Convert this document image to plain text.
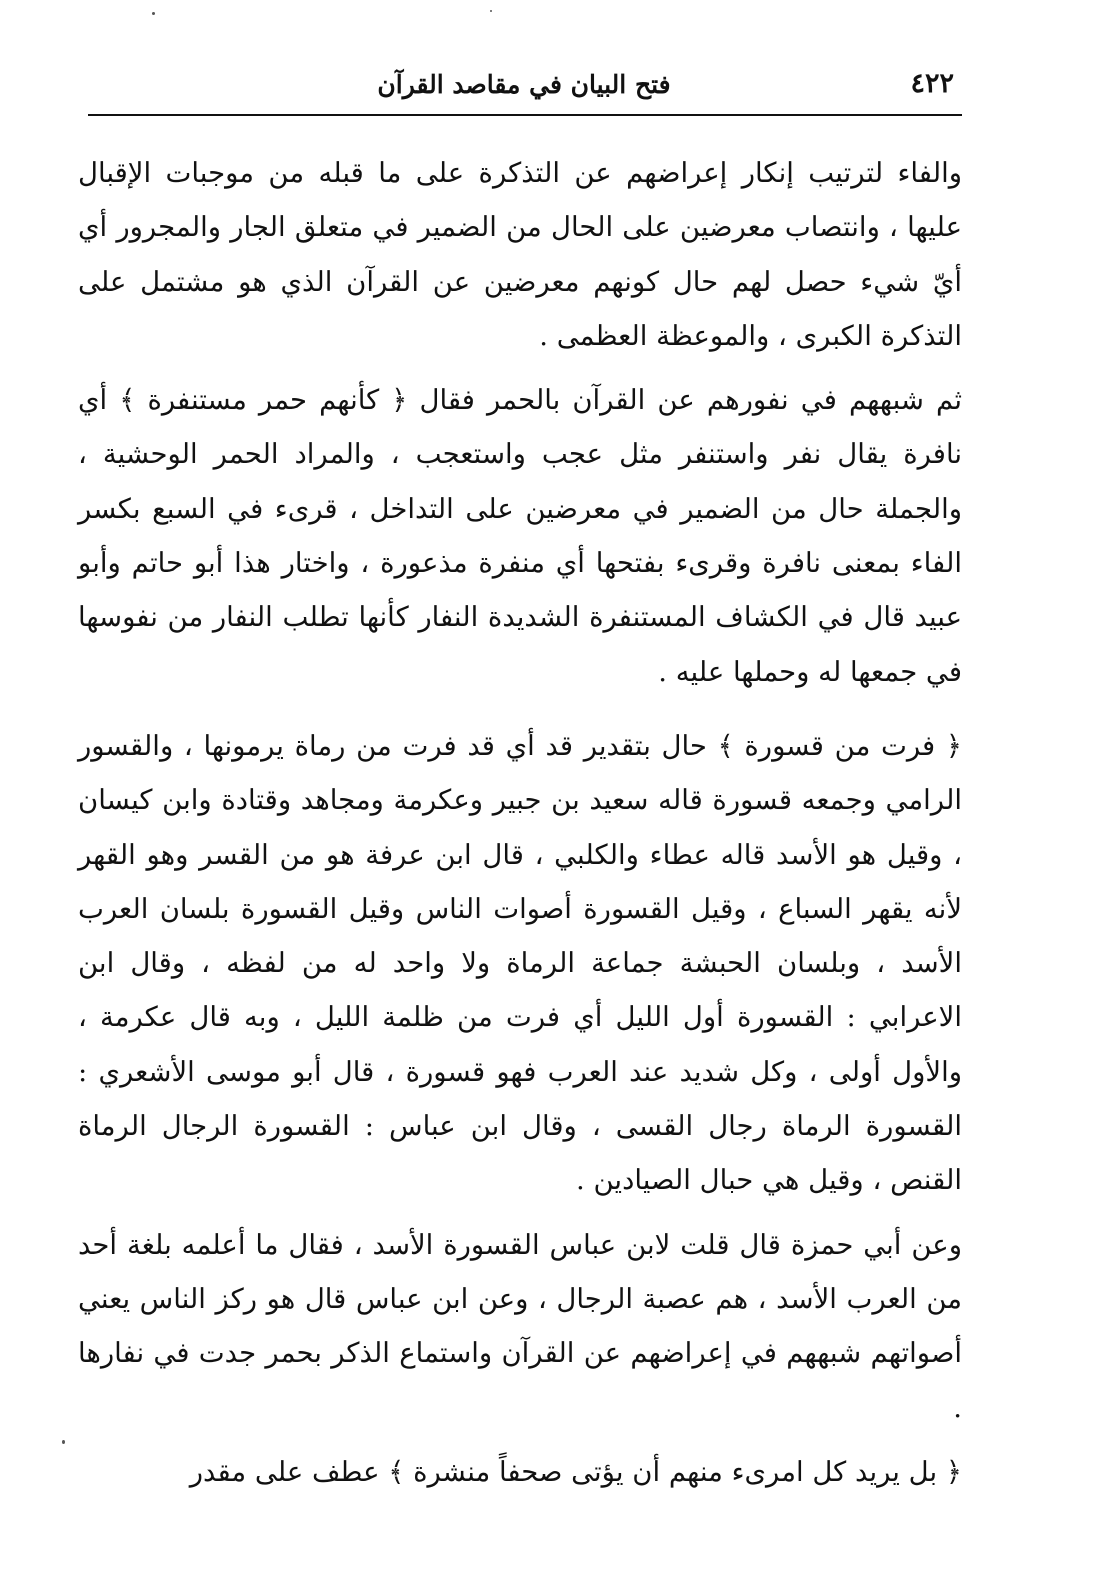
٤٢٢
فتح البيان في مقاصد القرآن

والفاء لترتيب إنكار إعراضهم عن التذكرة على ما قبله من موجبات الإقبال عليها ، وانتصاب معرضين على الحال من الضمير في متعلق الجار والمجرور أي أيّ شيء حصل لهم حال كونهم معرضين عن القرآن الذي هو مشتمل على التذكرة الكبرى ، والموعظة العظمى .

ثم شبههم في نفورهم عن القرآن بالحمر فقال ﴿ كأنهم حمر مستنفرة ﴾ أي نافرة يقال نفر واستنفر مثل عجب واستعجب ، والمراد الحمر الوحشية ، والجملة حال من الضمير في معرضين على التداخل ، قرىء في السبع بكسر الفاء بمعنى نافرة وقرىء بفتحها أي منفرة مذعورة ، واختار هذا أبو حاتم وأبو عبيد قال في الكشاف المستنفرة الشديدة النفار كأنها تطلب النفار من نفوسها في جمعها له وحملها عليه .

﴿ فرت من قسورة ﴾ حال بتقدير قد أي قد فرت من رماة يرمونها ، والقسور الرامي وجمعه قسورة قاله سعيد بن جبير وعكرمة ومجاهد وقتادة وابن كيسان ، وقيل هو الأسد قاله عطاء والكلبي ، قال ابن عرفة هو من القسر وهو القهر لأنه يقهر السباع ، وقيل القسورة أصوات الناس وقيل القسورة بلسان العرب الأسد ، وبلسان الحبشة جماعة الرماة ولا واحد له من لفظه ، وقال ابن الاعرابي : القسورة أول الليل أي فرت من ظلمة الليل ، وبه قال عكرمة ، والأول أولى ، وكل شديد عند العرب فهو قسورة ، قال أبو موسى الأشعري : القسورة الرماة رجال القسى ، وقال ابن عباس : القسورة الرجال الرماة القنص ، وقيل هي حبال الصيادين .

وعن أبي حمزة قال قلت لابن عباس القسورة الأسد ، فقال ما أعلمه بلغة أحد من العرب الأسد ، هم عصبة الرجال ، وعن ابن عباس قال هو ركز الناس يعني أصواتهم شبههم في إعراضهم عن القرآن واستماع الذكر بحمر جدت في نفارها .

﴿ بل يريد كل امرىء منهم أن يؤتى صحفاً منشرة ﴾ عطف على مقدر
